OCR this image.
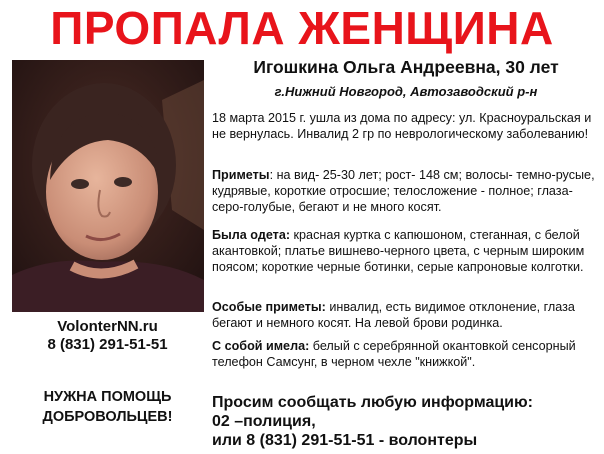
ПРОПАЛА ЖЕНЩИНА
VolonterNN.ru
8 (831) 291-51-51
НУЖНА ПОМОЩЬ
ДОБРОВОЛЬЦЕВ!
Игошкина Ольга Андреевна, 30 лет
г.Нижний Новгород, Автозаводский р-н
18 марта 2015 г. ушла из дома по адресу: ул. Красноуральская и не вернулась. Инвалид 2 гр по неврологическому заболеванию!
Приметы: на вид- 25-30 лет; рост- 148 см; волосы- темно-русые, кудрявые, короткие отросшие; телосложение - полное; глаза- серо-голубые, бегают и не много косят.
Была одета: красная куртка с капюшоном, стеганная, с белой акантовкой; платье вишнево-черного цвета, с черным широким поясом; короткие черные ботинки, серые капроновые колготки.
Особые приметы: инвалид, есть видимое отклонение, глаза бегают и немного косят. На левой брови родинка.
С собой имела: белый с серебрянной окантовкой сенсорный телефон Самсунг, в черном чехле "книжкой".
Просим сообщать любую информацию:
02 –полиция,
или 8 (831) 291-51-51 - волонтеры
